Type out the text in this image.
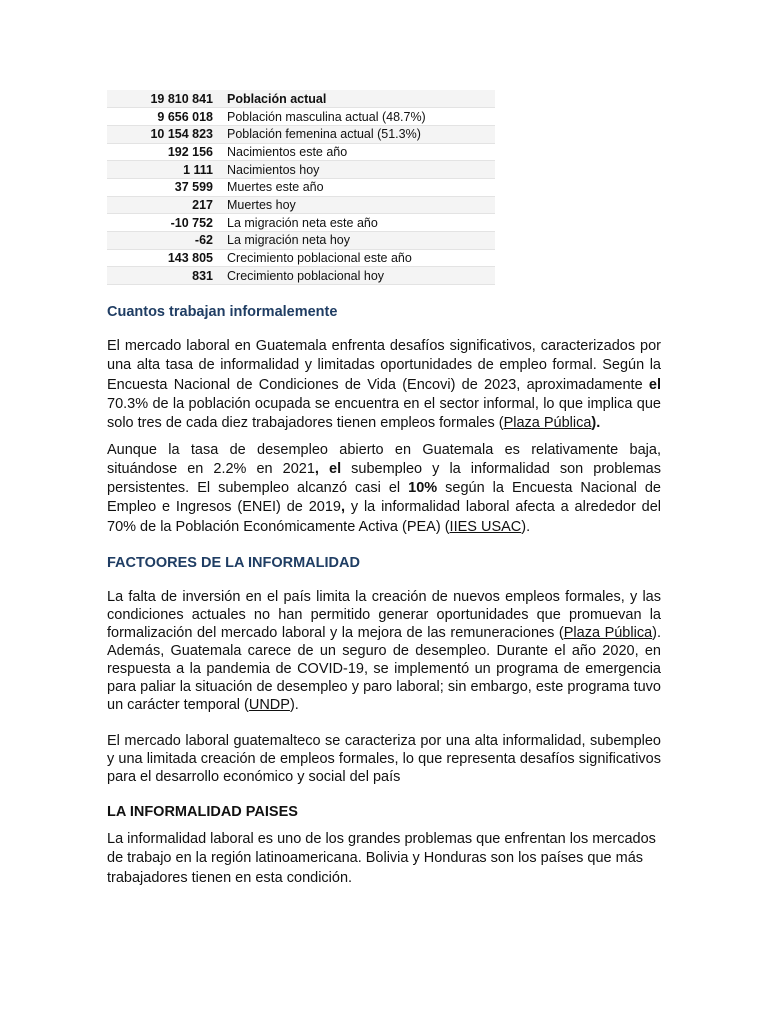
19 810 841	Población actual
9 656 018	Población masculina actual (48.7%)
10 154 823	Población femenina actual (51.3%)
192 156	Nacimientos este año
1 111	Nacimientos hoy
37 599	Muertes este año
217	Muertes hoy
-10 752	La migración neta este año
-62	La migración neta hoy
143 805	Crecimiento poblacional este año
831	Crecimiento poblacional hoy
Cuantos trabajan informalemente

El mercado laboral en Guatemala enfrenta desafíos significativos, caracterizados por una alta tasa de informalidad y limitadas oportunidades de empleo formal. Según la Encuesta Nacional de Condiciones de Vida (Encovi) de 2023, aproximadamente el 70.3% de la población ocupada se encuentra en el sector informal, lo que implica que solo tres de cada diez trabajadores tienen empleos formales (Plaza Pública).

Aunque la tasa de desempleo abierto en Guatemala es relativamente baja, situándose en 2.2% en 2021, el subempleo y la informalidad son problemas persistentes. El subempleo alcanzó casi el 10% según la Encuesta Nacional de Empleo e Ingresos (ENEI) de 2019, y la informalidad laboral afecta a alrededor del 70% de la Población Económicamente Activa (PEA) (IIES USAC).

FACTOORES DE LA INFORMALIDAD

La falta de inversión en el país limita la creación de nuevos empleos formales, y las condiciones actuales no han permitido generar oportunidades que promuevan la formalización del mercado laboral y la mejora de las remuneraciones (Plaza Pública). Además, Guatemala carece de un seguro de desempleo. Durante el año 2020, en respuesta a la pandemia de COVID-19, se implementó un programa de emergencia para paliar la situación de desempleo y paro laboral; sin embargo, este programa tuvo un carácter temporal (UNDP).

El mercado laboral guatemalteco se caracteriza por una alta informalidad, subempleo y una limitada creación de empleos formales, lo que representa desafíos significativos para el desarrollo económico y social del país

LA INFORMALIDAD PAISES

La informalidad laboral es uno de los grandes problemas que enfrentan los mercados de trabajo en la región latinoamericana. Bolivia y Honduras son los países que más trabajadores tienen en esta condición.
